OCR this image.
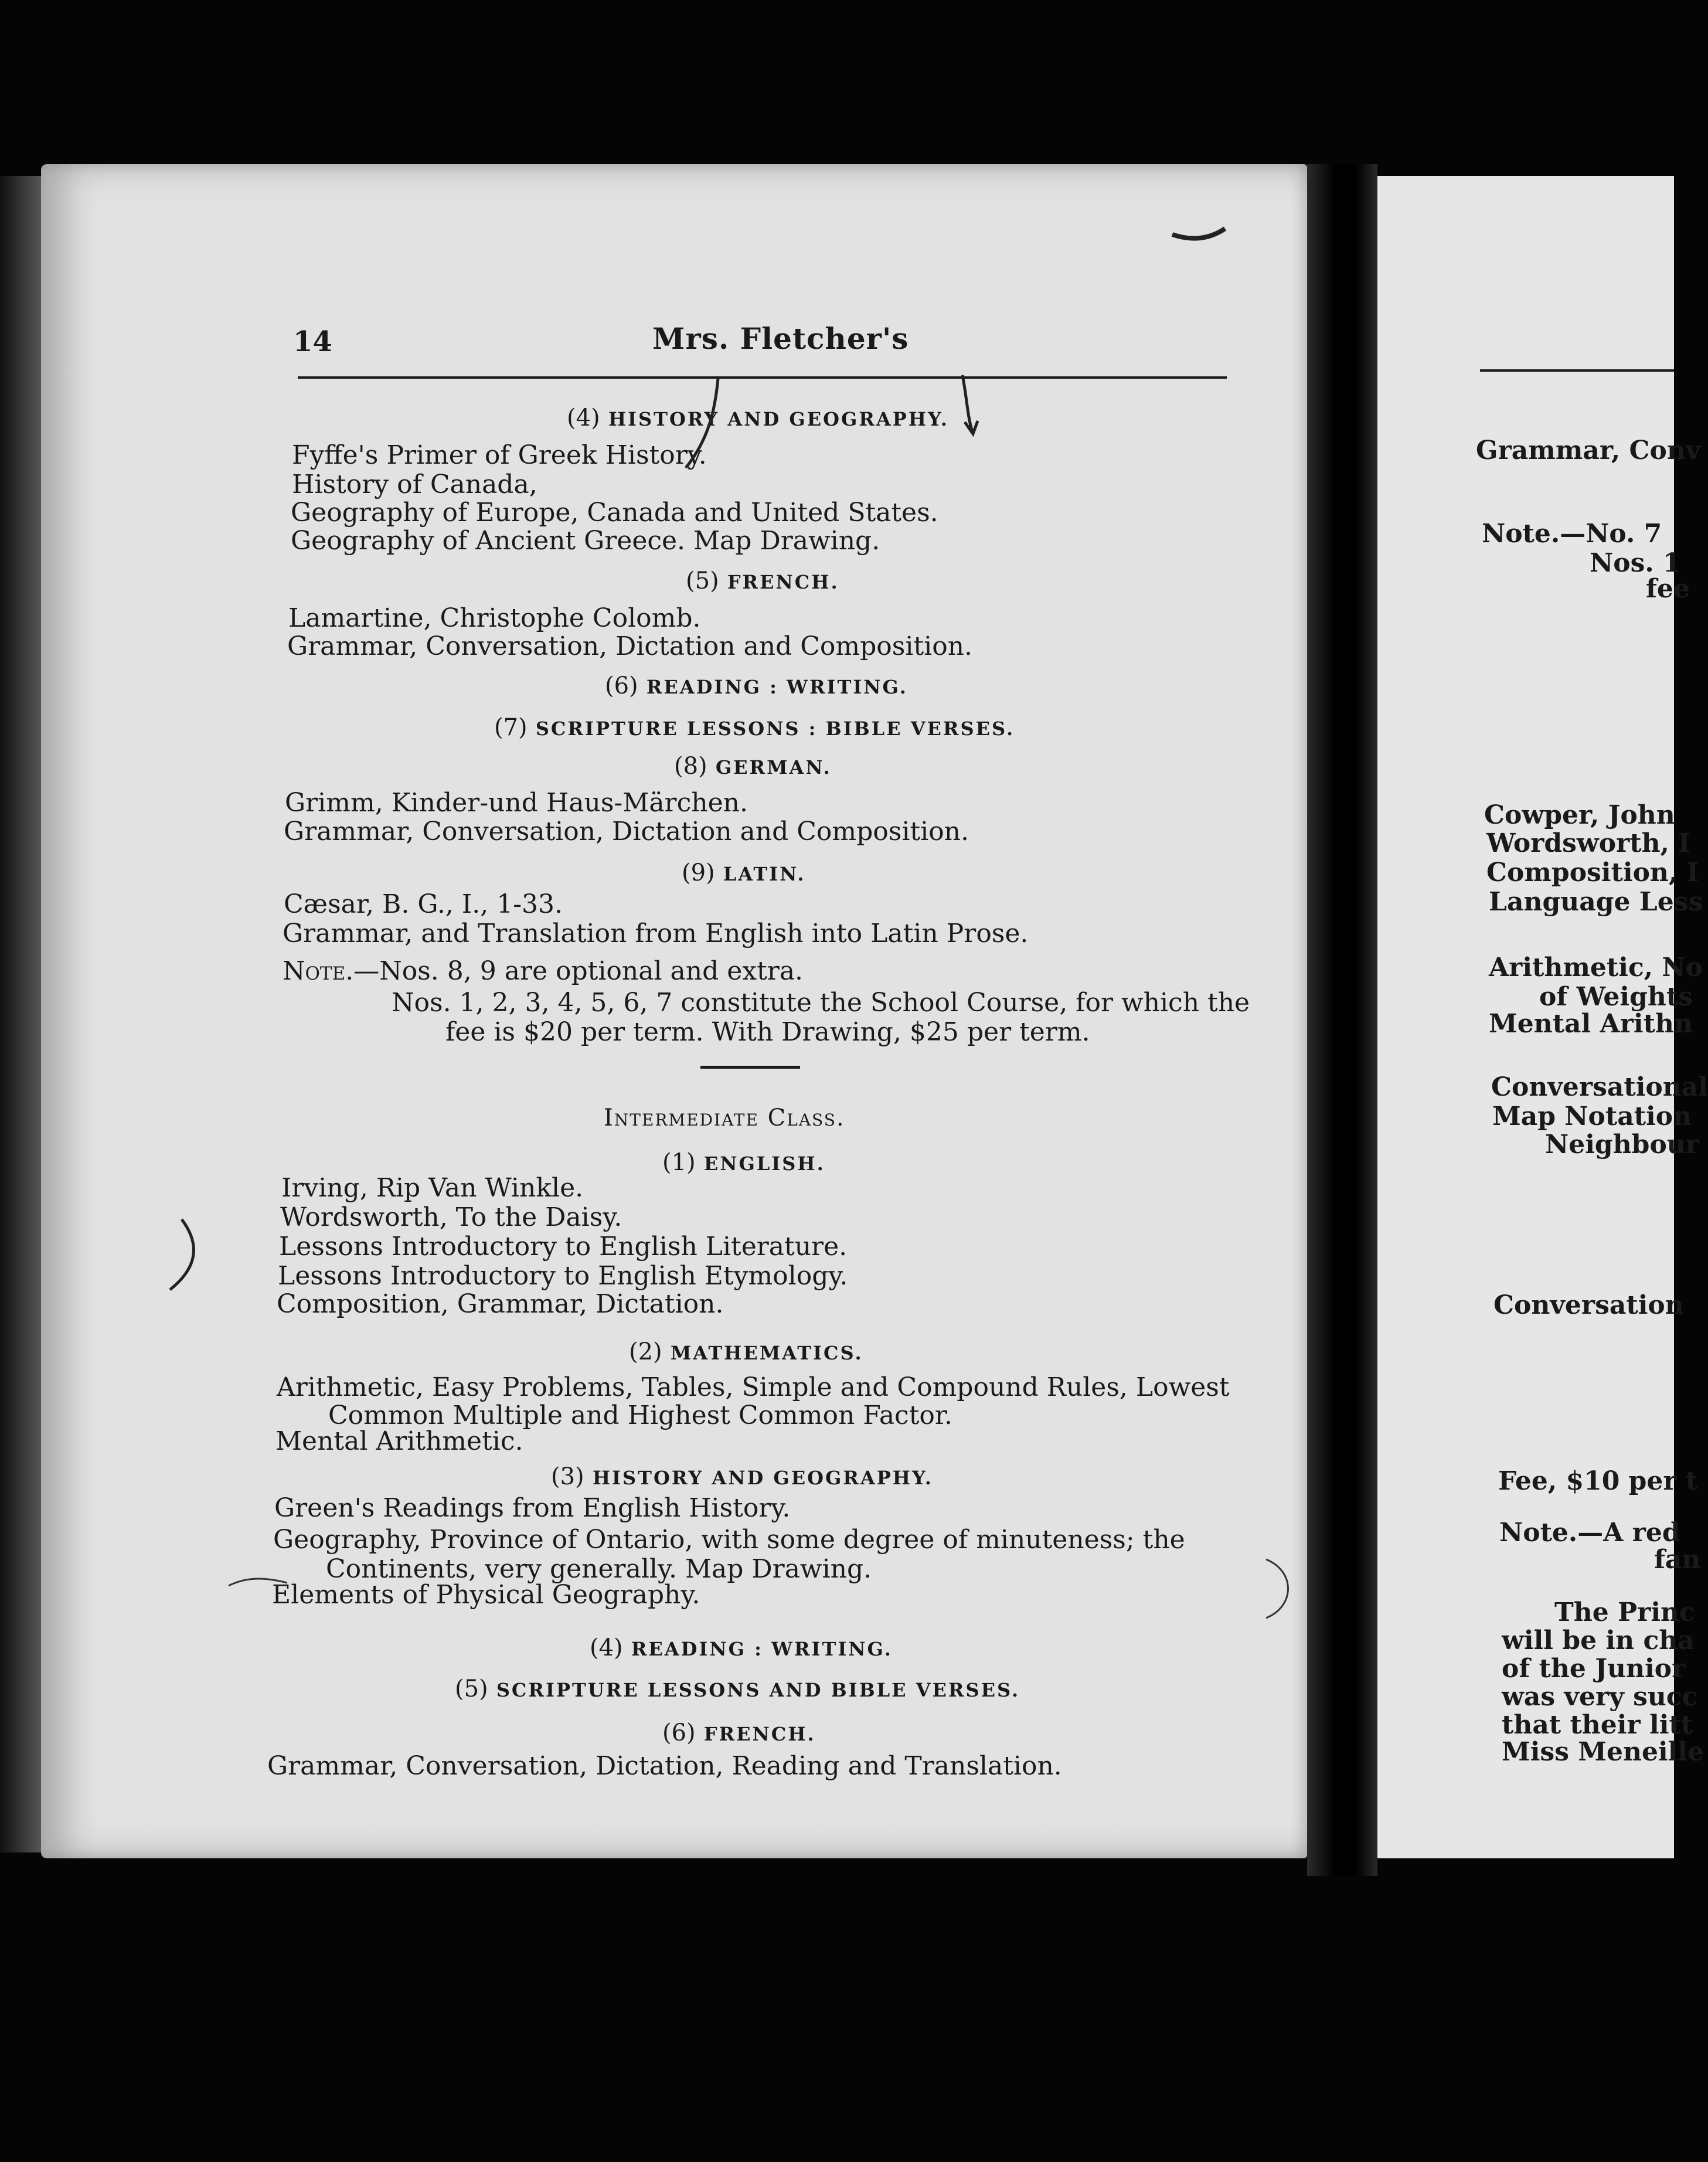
14	Mrs. Fletcher's
(4) HISTORY AND GEOGRAPHY.
Fyffe's Primer of Greek History.
History of Canada,
Geography of Europe, Canada and United States.
Geography of Ancient Greece. Map Drawing.
(5) FRENCH.
Lamartine, Christophe Colomb.
Grammar, Conversation, Dictation and Composition.
(6) READING : WRITING.
(7) SCRIPTURE LESSONS : BIBLE VERSES.
(8) GERMAN.
Grimm, Kinder-und Haus-Märchen.
Grammar, Conversation, Dictation and Composition.
(9) LATIN.
Cæsar, B. G., I., 1-33.
Grammar, and Translation from English into Latin Prose.
Note.—Nos. 8, 9 are optional and extra.
Nos. 1, 2, 3, 4, 5, 6, 7 constitute the School Course, for which the
fee is $20 per term. With Drawing, $25 per term.
Intermediate Class.
(1) ENGLISH.
Irving, Rip Van Winkle.
Wordsworth, To the Daisy.
Lessons Introductory to English Literature.
Lessons Introductory to English Etymology.
Composition, Grammar, Dictation.
(2) MATHEMATICS.
Arithmetic, Easy Problems, Tables, Simple and Compound Rules, Lowest
Common Multiple and Highest Common Factor.
Mental Arithmetic.
(3) HISTORY AND GEOGRAPHY.
Green's Readings from English History.
Geography, Province of Ontario, with some degree of minuteness; the
Continents, very generally. Map Drawing.
Elements of Physical Geography.
(4) READING : WRITING.
(5) SCRIPTURE LESSONS AND BIBLE VERSES.
(6) FRENCH.
Grammar, Conversation, Dictation, Reading and Translation.
Grammar, Conv
Note.—No. 7
Nos. 1
fee
Cowper, John
Wordsworth, I
Composition, I
Language Less
Arithmetic, No
of Weights
Mental Arithn
Conversational
Map Notation
Neighbour
Conversation
Fee, $10 per t
Note.—A red
fan
The Princ
will be in cha
of the Junior
was very succ
that their litt
Miss Meneille
